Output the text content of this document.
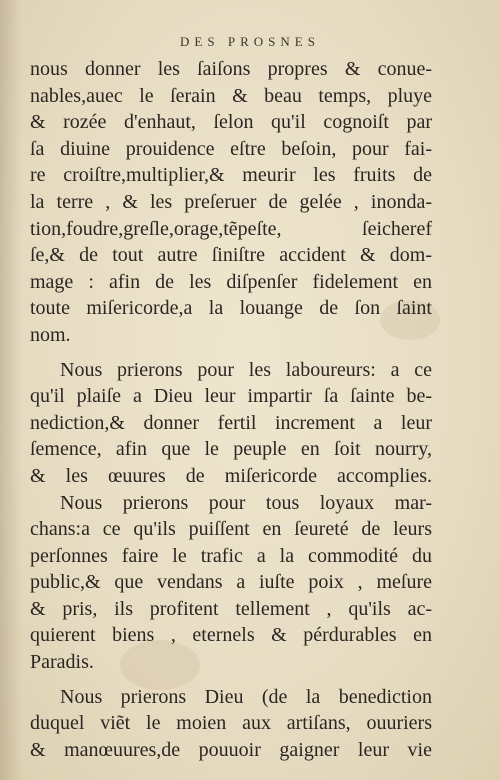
DES PROSNES
nous donner les ſaiſons propres & conue-
nables,auec le ſerain & beau temps, pluye
& rozée d'enhaut, ſelon qu'il cognoiſt par
ſa diuine prouidence eſtre beſoin, pour fai-
re croiſtre,multiplier,& meurir les fruits de
la terre , & les preſeruer de gelée , inonda-
tion,foudre,greſle,orage,tẽpeſte, ſeicheref
ſe,& de tout autre ſiniſtre accident & dom-
mage : afin de les diſpenſer fidelement en
toute miſericorde,a la louange de ſon ſaint
nom.
Nous prierons pour les laboureurs: a ce
qu'il plaiſe a Dieu leur impartir ſa ſainte be-
nediction,& donner fertil increment a leur
ſemence, afin que le peuple en ſoit nourry,
& les œuures de miſericorde accomplies.
Nous prierons pour tous loyaux mar-
chans:a ce qu'ils puiſſent en ſeureté de leurs
perſonnes faire le trafic a la commodité du
public,& que vendans a iuſte poix , meſure
& pris, ils profitent tellement , qu'ils ac-
quierent biens , eternels & pérdurables en
Paradis.
Nous prierons Dieu (de la benediction
duquel viẽt le moien aux artiſans, ouuriers
& manœuures,de pouuoir gaigner leur vie
